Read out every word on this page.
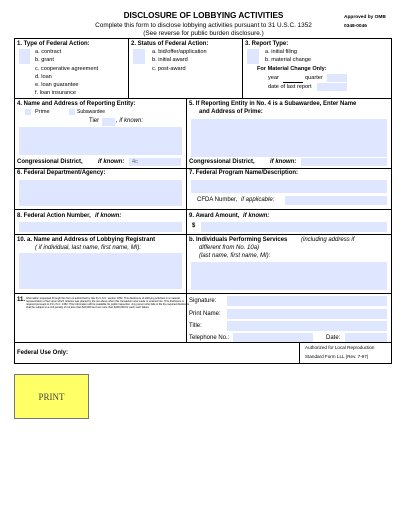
DISCLOSURE OF LOBBYING ACTIVITIES
Complete this form to disclose lobbying activities pursuant to 31 U.S.C. 1352
(See reverse for public burden disclosure.)
Approved by OMB
0348-0046
1. Type of Federal Action:
a. contract
b. grant
c. cooperative agreement
d. loan
e. loan guarantee
f. loan insurance
2. Status of Federal Action:
a. bid/offer/application
b. initial award
c. post-award
3. Report Type:
a. initial filing
b. material change
For Material Change Only:
year	quarter
date of last report
4. Name and Address of Reporting Entity:
Prime	Subawardee
Tier	, if known:
Congressional District,	if known: 4c
5. If Reporting Entity in No. 4 is a Subawardee, Enter Name
and Address of Prime:
Congressional District,	if known:
6. Federal Department/Agency:	7. Federal Program Name/Description:
CFDA Number, if applicable:
8. Federal Action Number, if known:	9. Award Amount, if known:
$
10. a. Name and Address of Lobbying Registrant
( if individual, last name, first name, MI):
b. Individuals Performing Services (including address if
different from No. 10a)
(last name, first name, MI):
11. Information requested through this form is authorized by title 31 U.S.C. section 1352. This disclosure of lobbying activities is a material representation of fact upon which reliance was placed by the tier above when this transaction was made or entered into. This disclosure is required pursuant to 31 U.S.C. 1352. This information will be available for public inspection. Any person who fails to file the required disclosure shall be subject to a civil penalty of not less than $10,000 and not more than $100,000 for each such failure.
Signature:
Print Name:
Title:
Telephone No.:	Date:
Federal Use Only:
Authorized for Local Reproduction
Standard Form LLL (Rev. 7-97)
PRINT
